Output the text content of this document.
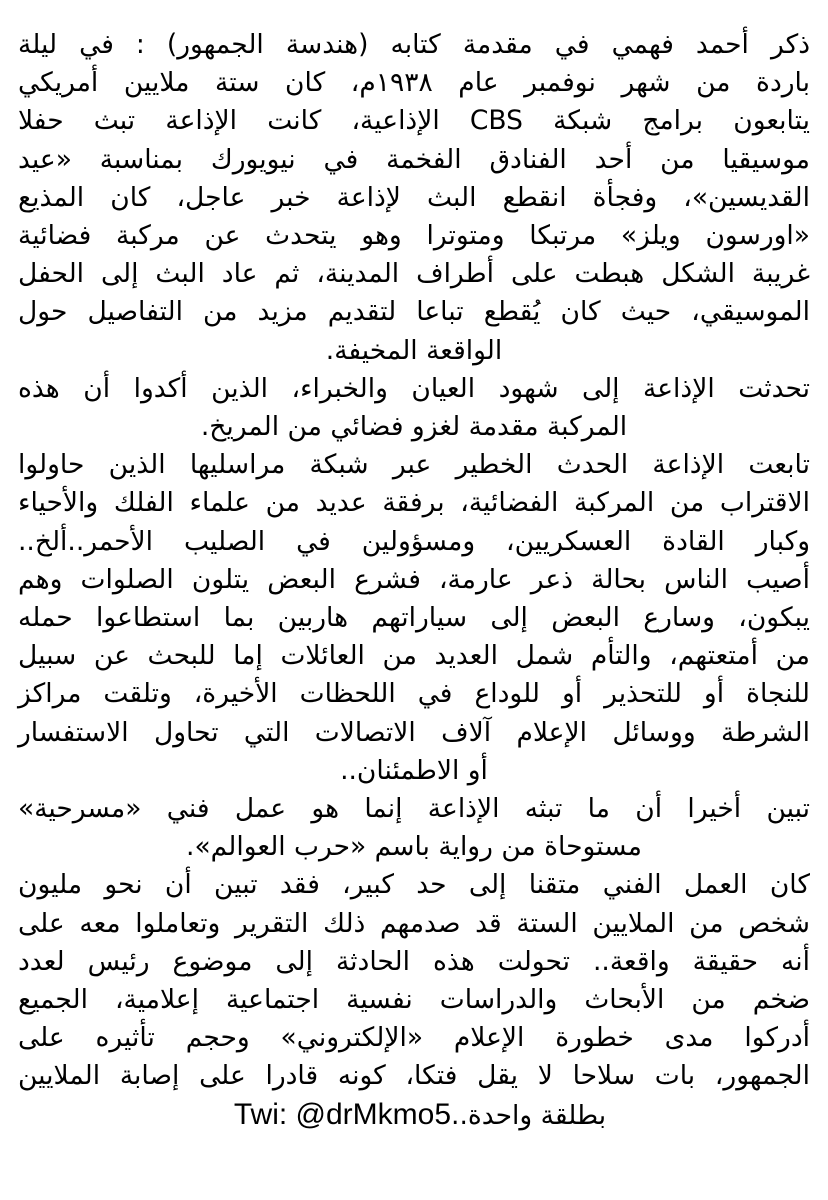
ذكر أحمد فهمي في مقدمة كتابه (هندسة الجمهور) : في ليلة
باردة من شهر نوفمبر عام ١٩٣٨م، كان ستة ملايين أمريكي
يتابعون برامج شبكة CBS الإذاعية، كانت الإذاعة تبث حفلا
موسيقيا من أحد الفنادق الفخمة في نيويورك بمناسبة «عيد
القديسين»، وفجأة انقطع البث لإذاعة خبر عاجل، كان المذيع
«اورسون ويلز» مرتبكا ومتوترا وهو يتحدث عن مركبة فضائية
غريبة الشكل هبطت على أطراف المدينة، ثم عاد البث إلى الحفل
الموسيقي، حيث كان يُقطع تباعا لتقديم مزيد من التفاصيل حول
الواقعة المخيفة.

تحدثت الإذاعة إلى شهود العيان والخبراء، الذين أكدوا أن هذه
المركبة مقدمة لغزو فضائي من المريخ.

تابعت الإذاعة الحدث الخطير عبر شبكة مراسليها الذين حاولوا
الاقتراب من المركبة الفضائية، برفقة عديد من علماء الفلك والأحياء
وكبار القادة العسكريين، ومسؤولين في الصليب الأحمر..ألخ..

أصيب الناس بحالة ذعر عارمة، فشرع البعض يتلون الصلوات وهم
يبكون، وسارع البعض إلى سياراتهم هاربين بما استطاعوا حمله
من أمتعتهم، والتأم شمل العديد من العائلات إما للبحث عن سبيل
للنجاة أو للتحذير أو للوداع في اللحظات الأخيرة، وتلقت مراكز
الشرطة ووسائل الإعلام آلاف الاتصالات التي تحاول الاستفسار
أو الاطمئنان..

تبين أخيرا أن ما تبثه الإذاعة إنما هو عمل فني «مسرحية»
مستوحاة من رواية باسم «حرب العوالم».

كان العمل الفني متقنا إلى حد كبير، فقد تبين أن نحو مليون
شخص من الملايين الستة قد صدمهم ذلك التقرير وتعاملوا معه على
أنه حقيقة واقعة.. تحولت هذه الحادثة إلى موضوع رئيس لعدد
ضخم من الأبحاث والدراسات نفسية اجتماعية إعلامية، الجميع
أدركوا مدى خطورة الإعلام «الإلكتروني» وحجم تأثيره على
الجمهور، بات سلاحا لا يقل فتكا، كونه قادرا على إصابة الملايين
بطلقة واحدة..Twi: @drMkmo5
